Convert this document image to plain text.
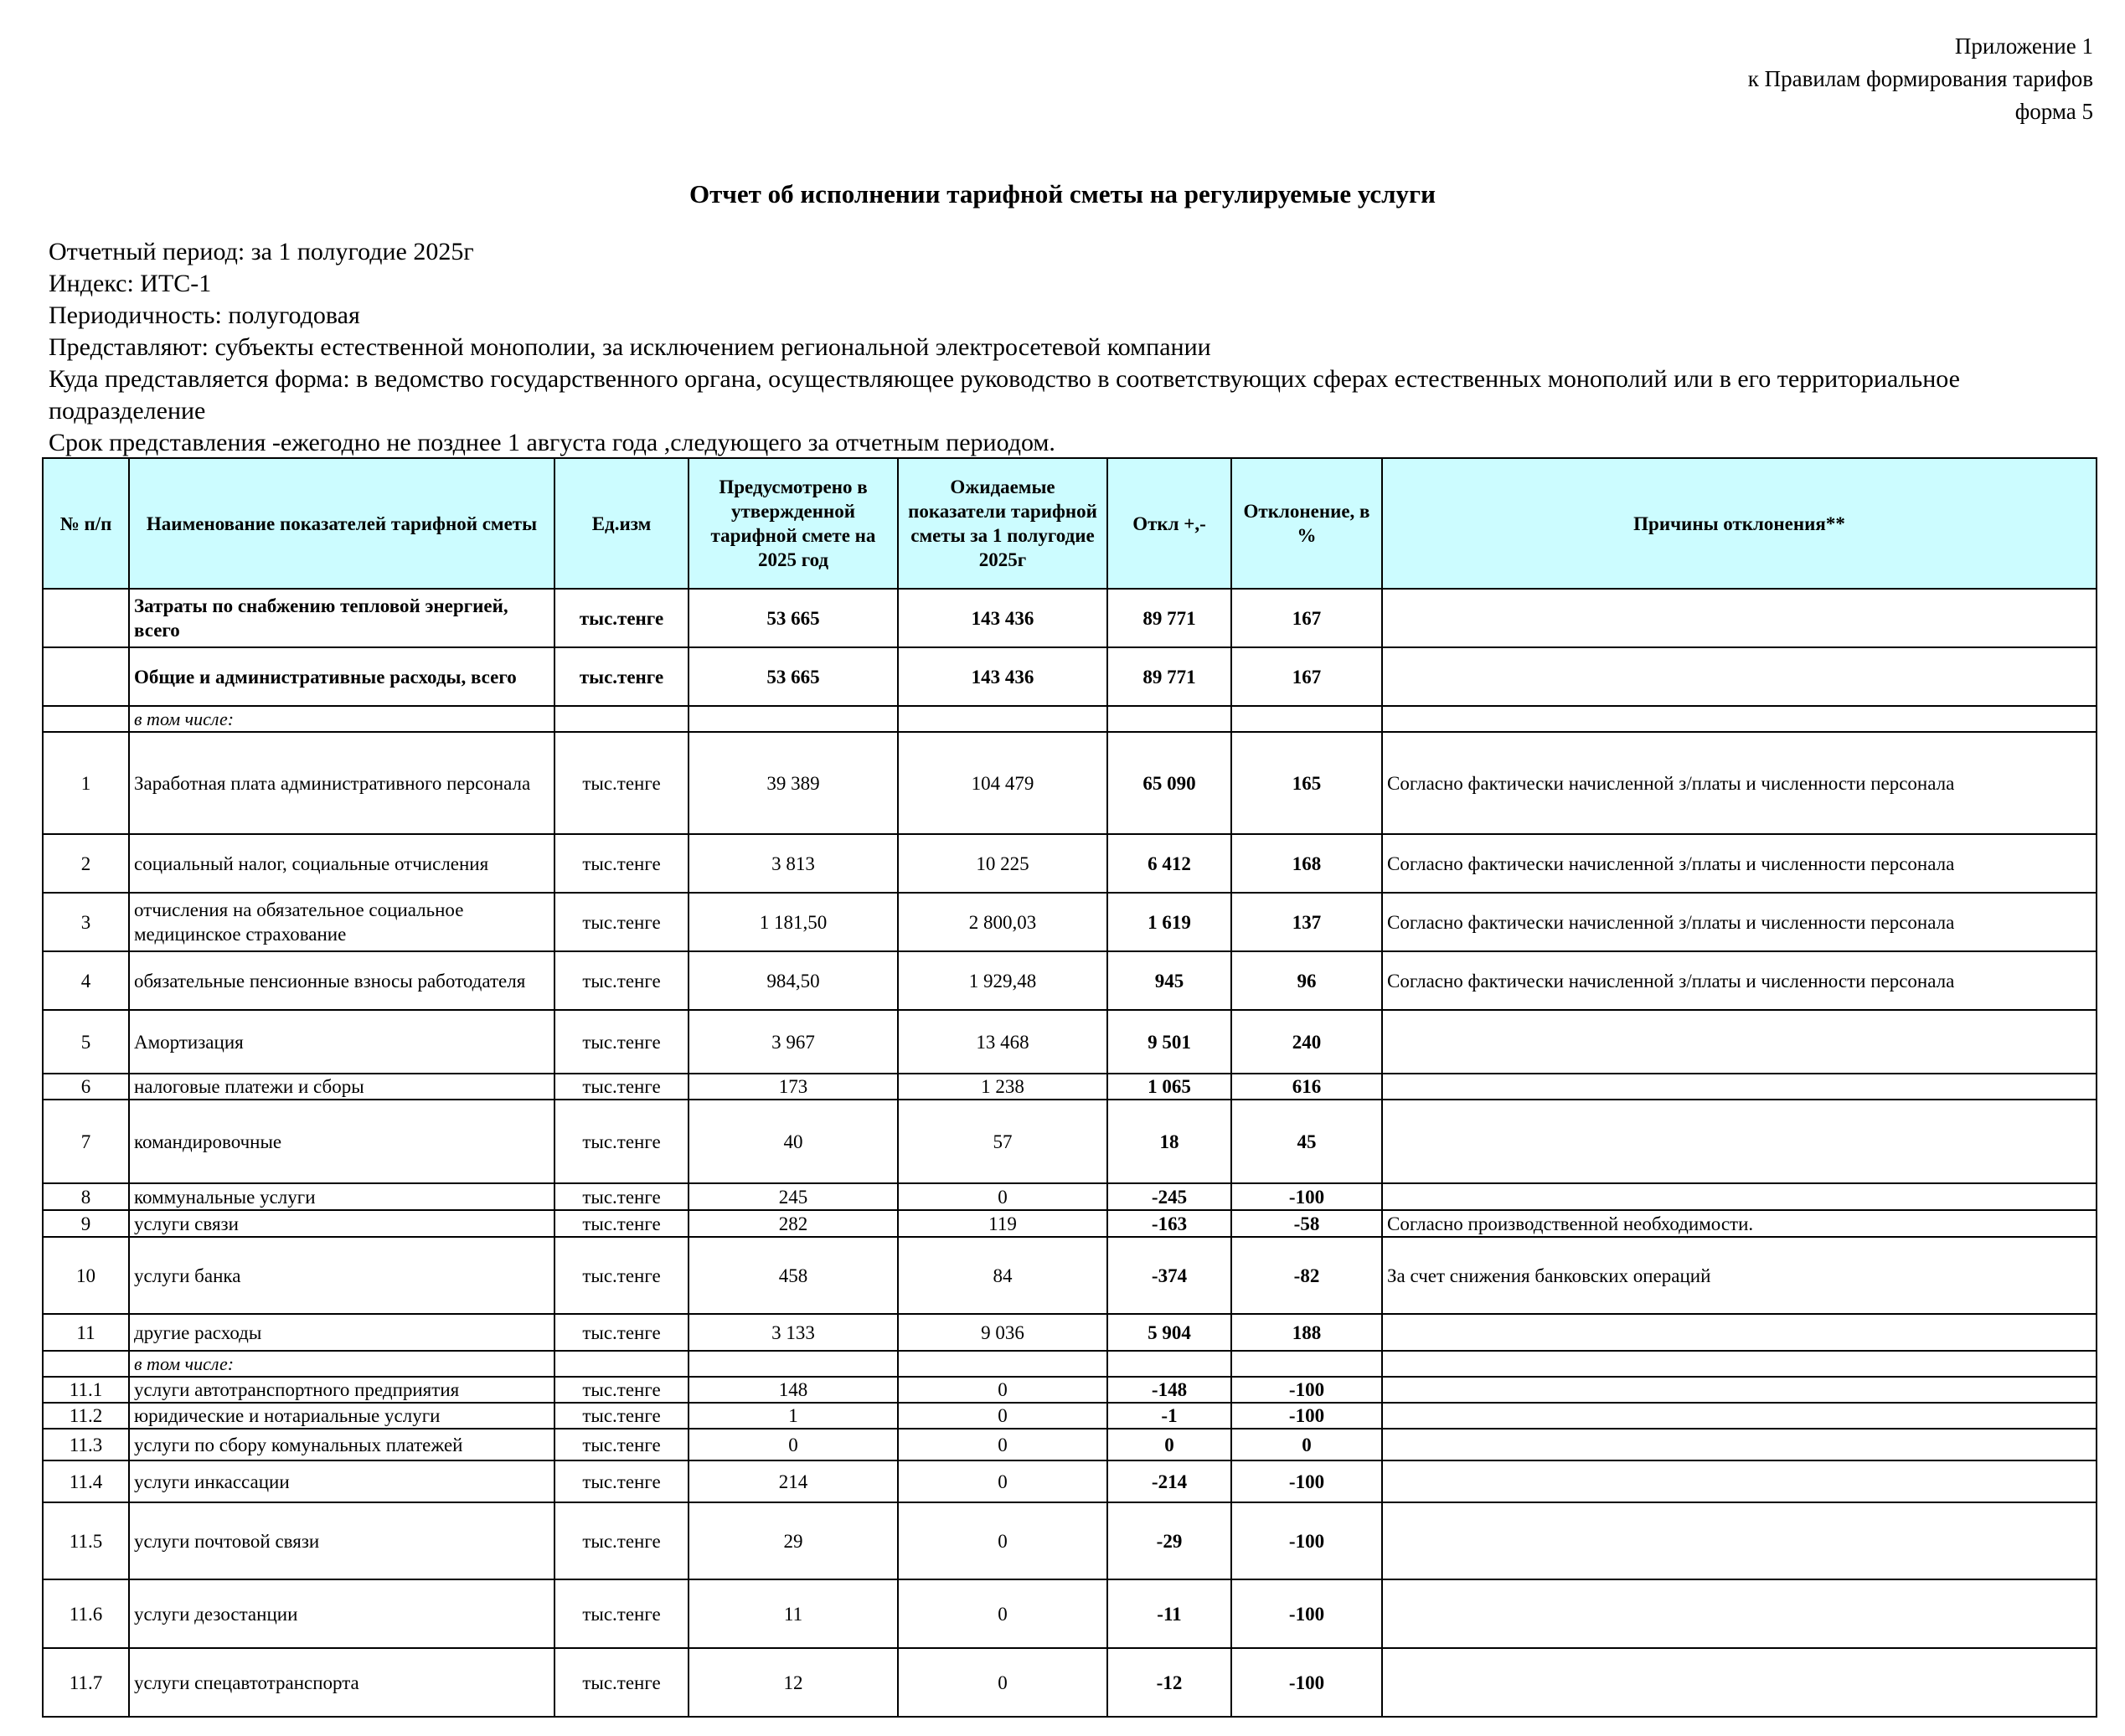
Приложение 1
к Правилам формирования тарифов
форма 5
Отчет об исполнении тарифной сметы на регулируемые услуги
Отчетный период: за 1 полугодие 2025г
Индекс: ИТС-1
Периодичность: полугодовая
Представляют: субъекты естественной монополии, за исключением региональной электросетевой компании
Куда представляется форма: в ведомство государственного органа, осуществляющее руководство в соответствующих сферах естественных монополий или в его территориальное подразделение
Срок представления -ежегодно не позднее 1 августа года ,следующего за отчетным периодом.
№ п/п	Наименование показателей тарифной сметы	Ед.изм	Предусмотрено в утвержденной тарифной смете на 2025 год	Ожидаемые показатели тарифной сметы за 1 полугодие 2025г	Откл +,-	Отклонение, в %	Причины отклонения**
	Затраты по снабжению тепловой энергией, всего	тыс.тенге	53 665	143 436	89 771	167	
	Общие и административные расходы, всего	тыс.тенге	53 665	143 436	89 771	167	
	в том числе:						
1	Заработная плата административного персонала	тыс.тенге	39 389	104 479	65 090	165	Согласно фактически начисленной з/платы и численности персонала
2	социальный налог, социальные отчисления	тыс.тенге	3 813	10 225	6 412	168	Согласно фактически начисленной з/платы и численности персонала
3	отчисления на обязательное социальное медицинское страхование	тыс.тенге	1 181,50	2 800,03	1 619	137	Согласно фактически начисленной з/платы и численности персонала
4	обязательные пенсионные взносы работодателя	тыс.тенге	984,50	1 929,48	945	96	Согласно фактически начисленной з/платы и численности персонала
5	Амортизация	тыс.тенге	3 967	13 468	9 501	240	
6	налоговые платежи и сборы	тыс.тенге	173	1 238	1 065	616	
7	командировочные	тыс.тенге	40	57	18	45	
8	коммунальные услуги	тыс.тенге	245	0	-245	-100	
9	услуги связи	тыс.тенге	282	119	-163	-58	Согласно производственной необходимости.
10	услуги банка	тыс.тенге	458	84	-374	-82	За счет снижения банковских операций
11	другие расходы	тыс.тенге	3 133	9 036	5 904	188	
	в том числе:						
11.1	услуги автотранспортного предприятия	тыс.тенге	148	0	-148	-100	
11.2	юридические и нотариальные услуги	тыс.тенге	1	0	-1	-100	
11.3	услуги по сбору комунальных платежей	тыс.тенге	0	0	0	0	
11.4	услуги инкассации	тыс.тенге	214	0	-214	-100	
11.5	услуги почтовой связи	тыс.тенге	29	0	-29	-100	
11.6	услуги дезостанции	тыс.тенге	11	0	-11	-100	
11.7	услуги спецавтотранспорта	тыс.тенге	12	0	-12	-100	
